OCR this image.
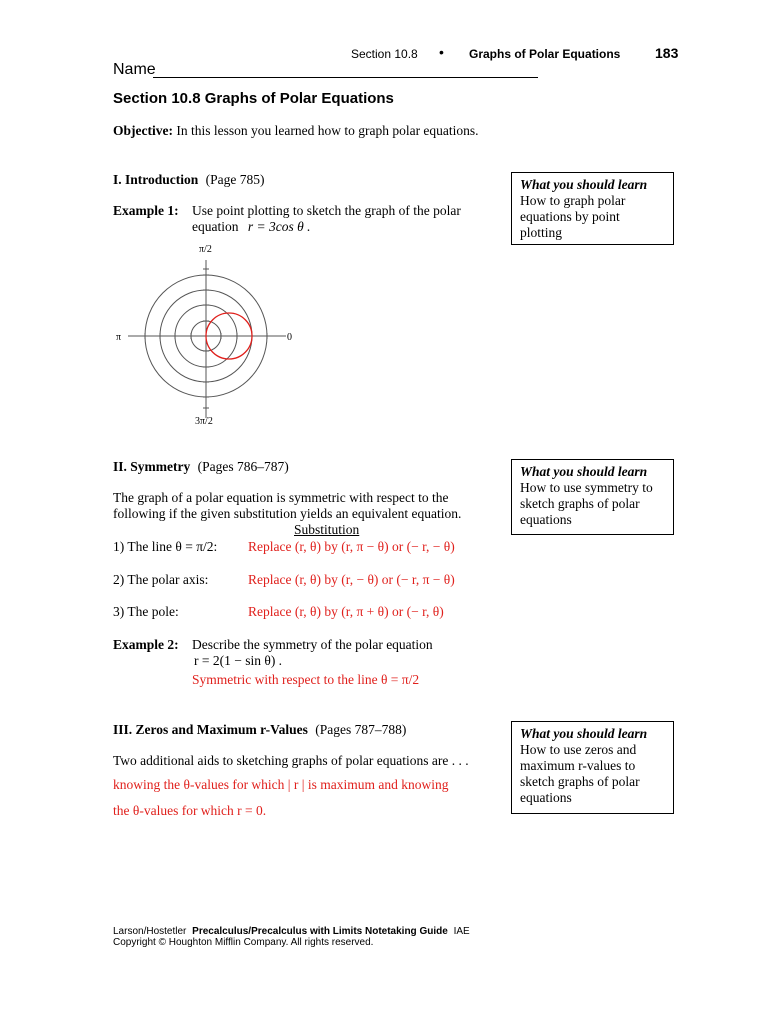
Section 10.8 • Graphs of Polar Equations 183
Name
Section 10.8 Graphs of Polar Equations
Objective: In this lesson you learned how to graph polar equations.
I. Introduction (Page 785)
Example 1: Use point plotting to sketch the graph of the polar
equation r = 3cos θ .
π/2
π	0
3π/2
II. Symmetry (Pages 786–787)
The graph of a polar equation is symmetric with respect to the
following if the given substitution yields an equivalent equation.
Substitution
1) The line θ = π/2: Replace (r, θ) by (r, π − θ) or (− r, − θ)
2) The polar axis:	Replace (r, θ) by (r, − θ) or (− r, π − θ)
3) The pole:	Replace (r, θ) by (r, π + θ) or (− r, θ)
Example 2: Describe the symmetry of the polar equation
r = 2(1 − sin θ) .
Symmetric with respect to the line θ = π/2
III. Zeros and Maximum r-Values (Pages 787–788)
Two additional aids to sketching graphs of polar equations are . . .
knowing the θ-values for which | r | is maximum and knowing
the θ-values for which r = 0.
What you should learn
How to graph polar equations by point plotting
What you should learn
How to use symmetry to sketch graphs of polar equations
What you should learn
How to use zeros and maximum r-values to sketch graphs of polar equations
Larson/Hostetler Precalculus/Precalculus with Limits Notetaking Guide IAE
Copyright © Houghton Mifflin Company. All rights reserved.
